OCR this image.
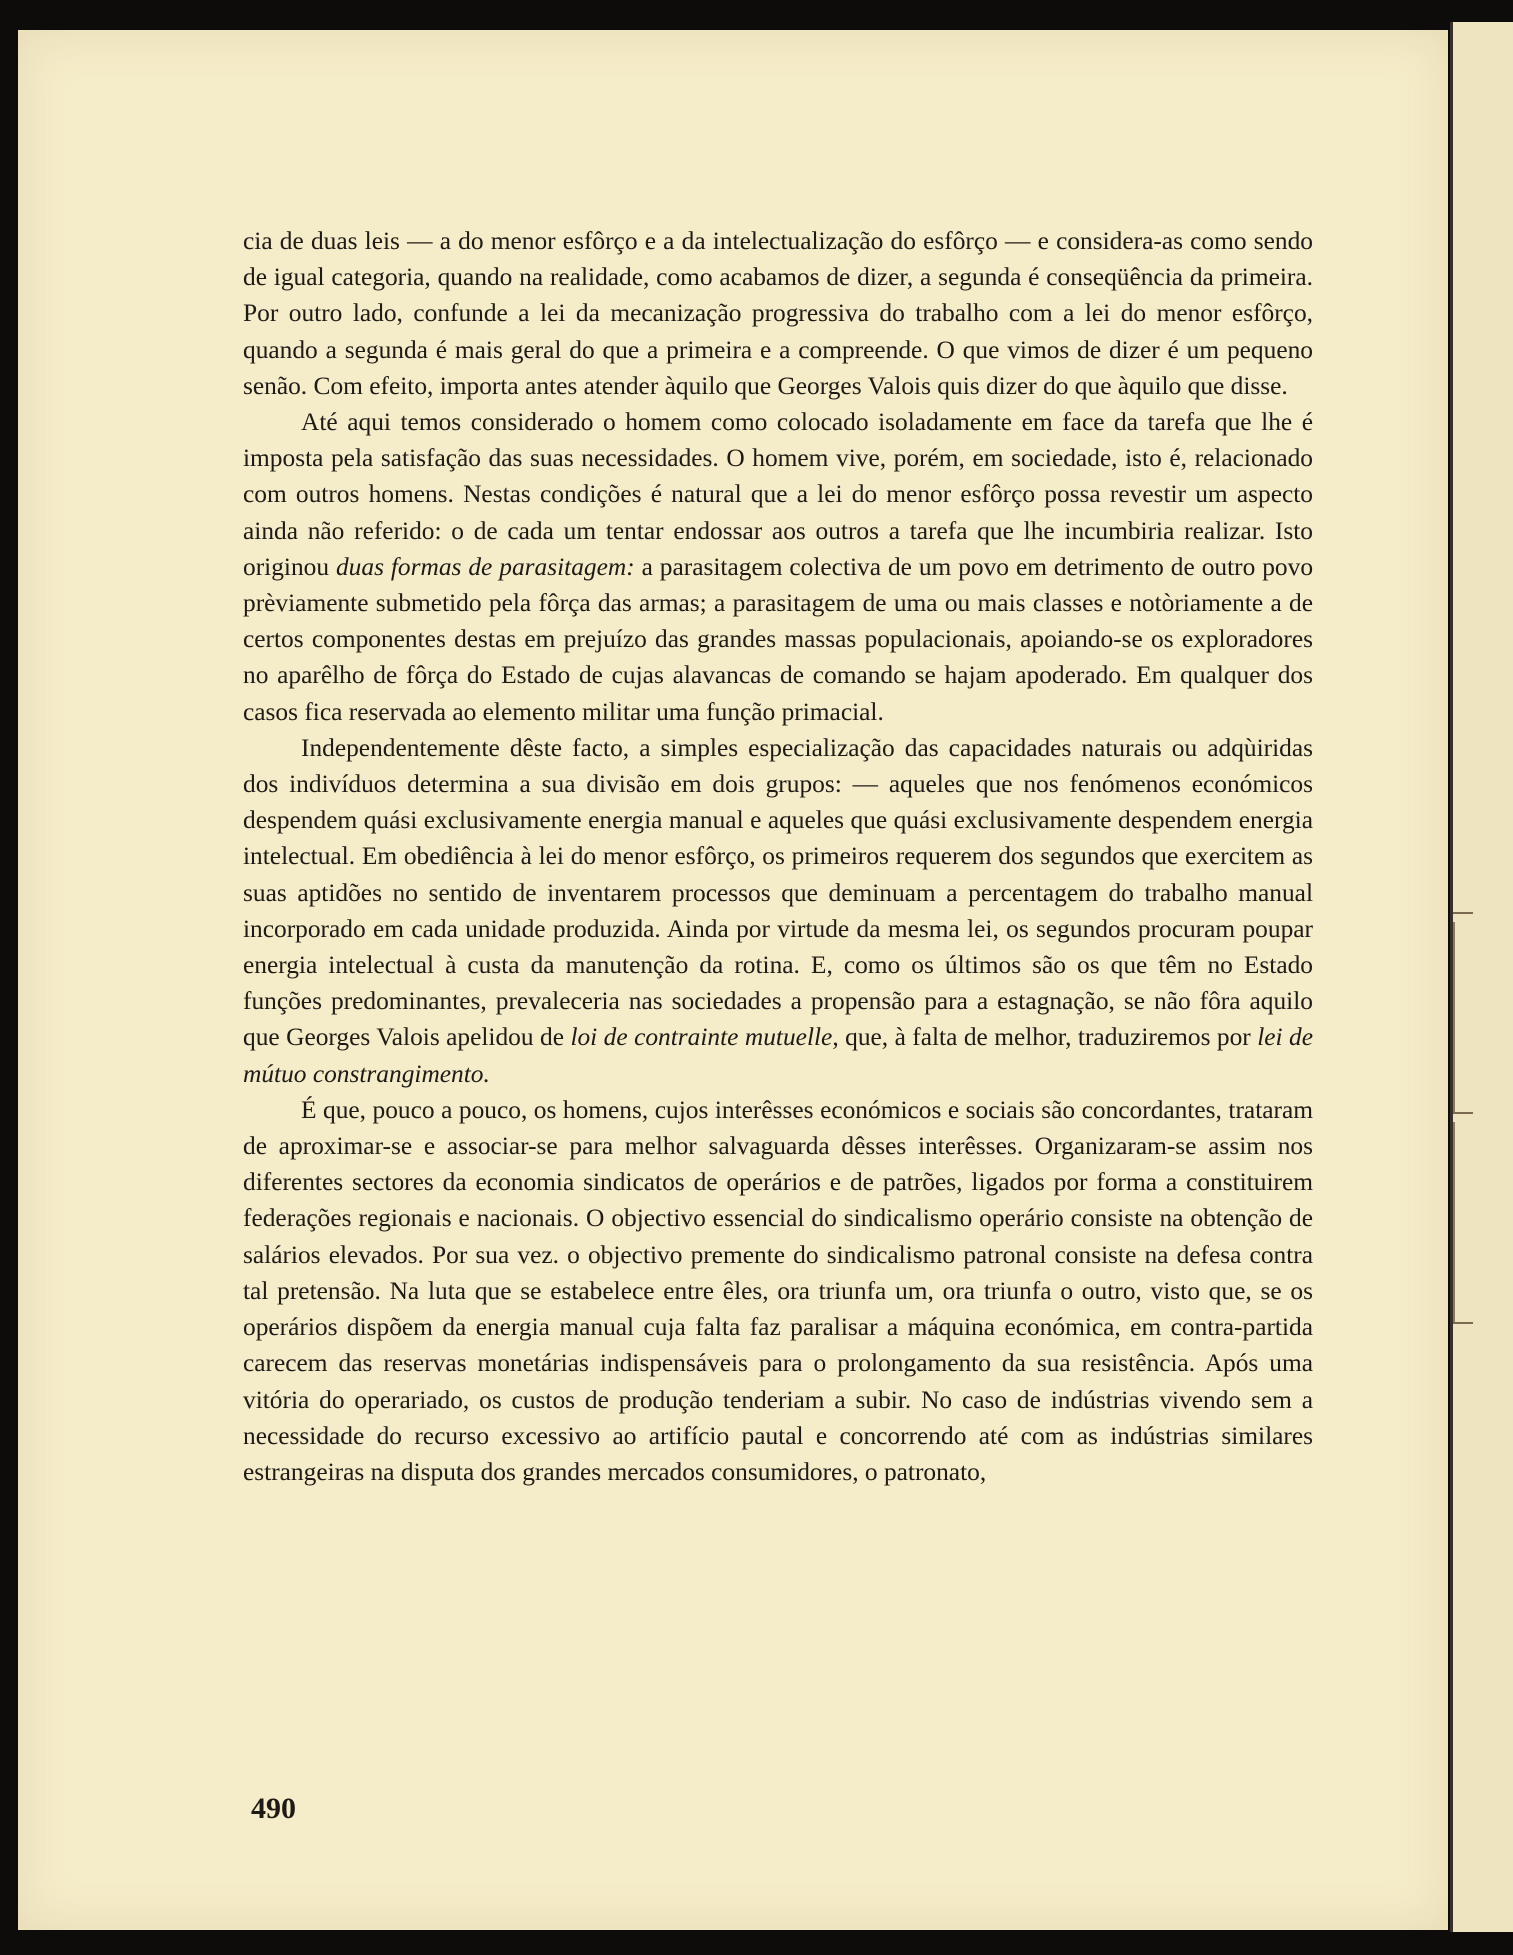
cia de duas leis — a do menor esfôrço e a da intelectualização do esfôrço — e considera-as como sendo de igual categoria, quando na realidade, como acabamos de dizer, a segunda é conseqüência da primeira. Por outro lado, confunde a lei da mecanização progressiva do trabalho com a lei do menor esfôrço, quando a segunda é mais geral do que a primeira e a compreende. O que vimos de dizer é um pequeno senão. Com efeito, importa antes atender àquilo que Georges Valois quis dizer do que àquilo que disse.

Até aqui temos considerado o homem como colocado isoladamente em face da tarefa que lhe é imposta pela satisfação das suas necessidades. O homem vive, porém, em sociedade, isto é, relacionado com outros homens. Nestas condições é natural que a lei do menor esfôrço possa revestir um aspecto ainda não referido: o de cada um tentar endossar aos outros a tarefa que lhe incumbiria realizar. Isto originou duas formas de parasitagem: a parasitagem colectiva de um povo em detrimento de outro povo prèviamente submetido pela fôrça das armas; a parasitagem de uma ou mais classes e notòriamente a de certos componentes destas em prejuízo das grandes massas populacionais, apoiando-se os exploradores no aparêlho de fôrça do Estado de cujas alavancas de comando se hajam apoderado. Em qualquer dos casos fica reservada ao elemento militar uma função primacial.

Independentemente dêste facto, a simples especialização das capacidades naturais ou adqùiridas dos indivíduos determina a sua divisão em dois grupos: — aqueles que nos fenómenos económicos despendem quási exclusivamente energia manual e aqueles que quási exclusivamente despendem energia intelectual. Em obediência à lei do menor esfôrço, os primeiros requerem dos segundos que exercitem as suas aptidões no sentido de inventarem processos que deminuam a percentagem do trabalho manual incorporado em cada unidade produzida. Ainda por virtude da mesma lei, os segundos procuram poupar energia intelectual à custa da manutenção da rotina. E, como os últimos são os que têm no Estado funções predominantes, prevaleceria nas sociedades a propensão para a estagnação, se não fôra aquilo que Georges Valois apelidou de loi de contrainte mutuelle, que, à falta de melhor, traduziremos por lei de mútuo constrangimento.

É que, pouco a pouco, os homens, cujos interêsses económicos e sociais são concordantes, trataram de aproximar-se e associar-se para melhor salvaguarda dêsses interêsses. Organizaram-se assim nos diferentes sectores da economia sindicatos de operários e de patrões, ligados por forma a constituirem federações regionais e nacionais. O objectivo essencial do sindicalismo operário consiste na obtenção de salários elevados. Por sua vez. o objectivo premente do sindicalismo patronal consiste na defesa contra tal pretensão. Na luta que se estabelece entre êles, ora triunfa um, ora triunfa o outro, visto que, se os operários dispõem da energia manual cuja falta faz paralisar a máquina económica, em contra-partida carecem das reservas monetárias indispensáveis para o prolongamento da sua resistência. Após uma vitória do operariado, os custos de produção tenderiam a subir. No caso de indústrias vivendo sem a necessidade do recurso excessivo ao artifício pautal e concorrendo até com as indústrias similares estrangeiras na disputa dos grandes mercados consumidores, o patronato,

490
